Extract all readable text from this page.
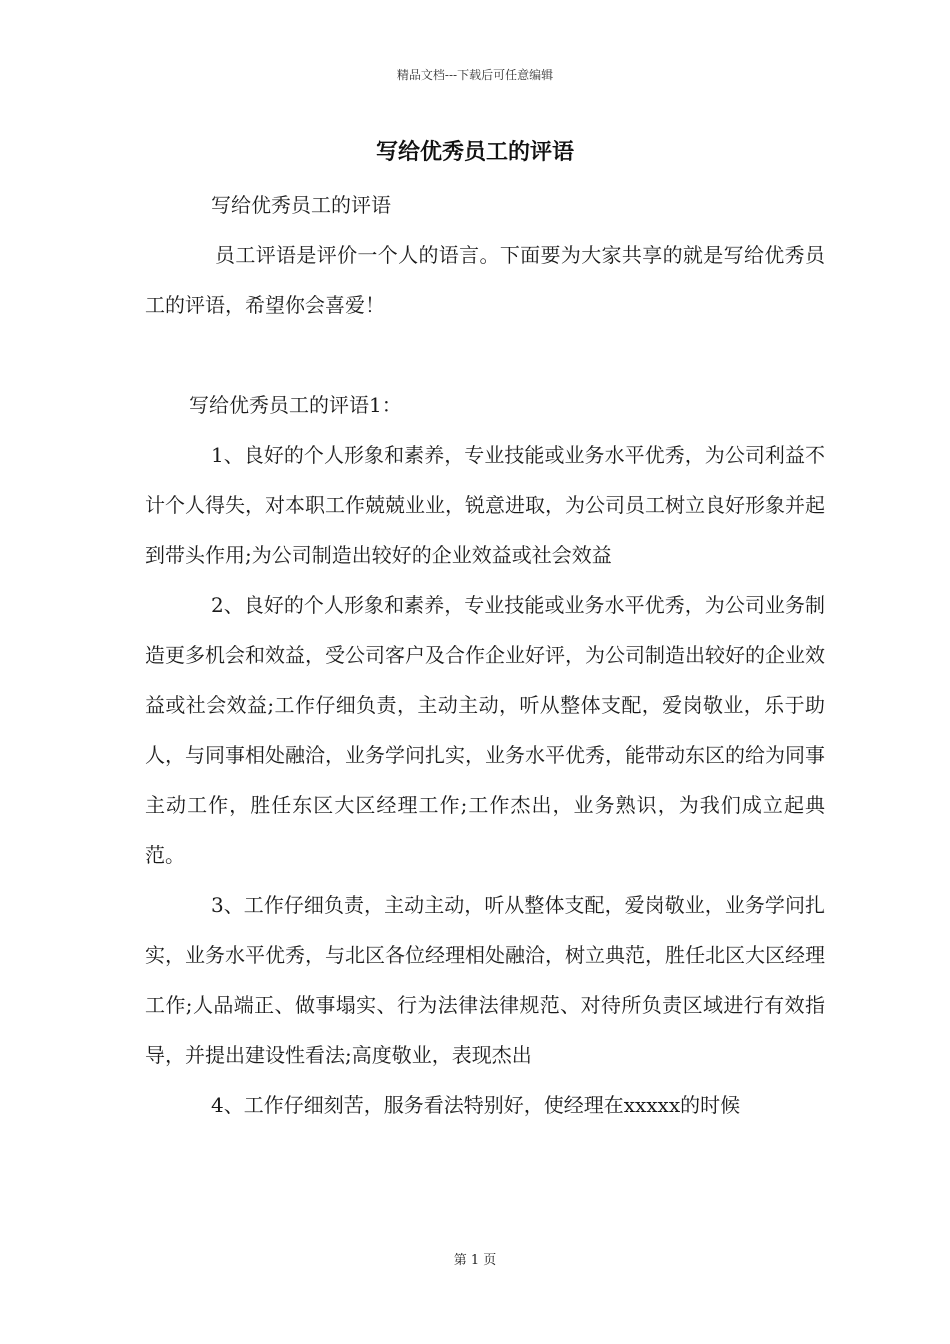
精品文档---下载后可任意编辑
写给优秀员工的评语

写给优秀员工的评语

员工评语是评价一个人的语言。下面要为大家共享的就是写给优秀员工的评语，希望你会喜爱！

写给优秀员工的评语1：

1、良好的个人形象和素养，专业技能或业务水平优秀，为公司利益不计个人得失，对本职工作兢兢业业，锐意进取，为公司员工树立良好形象并起到带头作用;为公司制造出较好的企业效益或社会效益

2、良好的个人形象和素养，专业技能或业务水平优秀，为公司业务制造更多机会和效益，受公司客户及合作企业好评，为公司制造出较好的企业效益或社会效益;工作仔细负责，主动主动，听从整体支配，爱岗敬业，乐于助人，与同事相处融洽，业务学问扎实，业务水平优秀，能带动东区的给为同事主动工作，胜任东区大区经理工作;工作杰出，业务熟识，为我们成立起典范。

3、工作仔细负责，主动主动，听从整体支配，爱岗敬业，业务学问扎实，业务水平优秀，与北区各位经理相处融洽，树立典范，胜任北区大区经理工作;人品端正、做事塌实、行为法律法律规范、对待所负责区域进行有效指导，并提出建设性看法;高度敬业，表现杰出

4、工作仔细刻苦，服务看法特别好，使经理在xxxxx的时候

第 1 页
